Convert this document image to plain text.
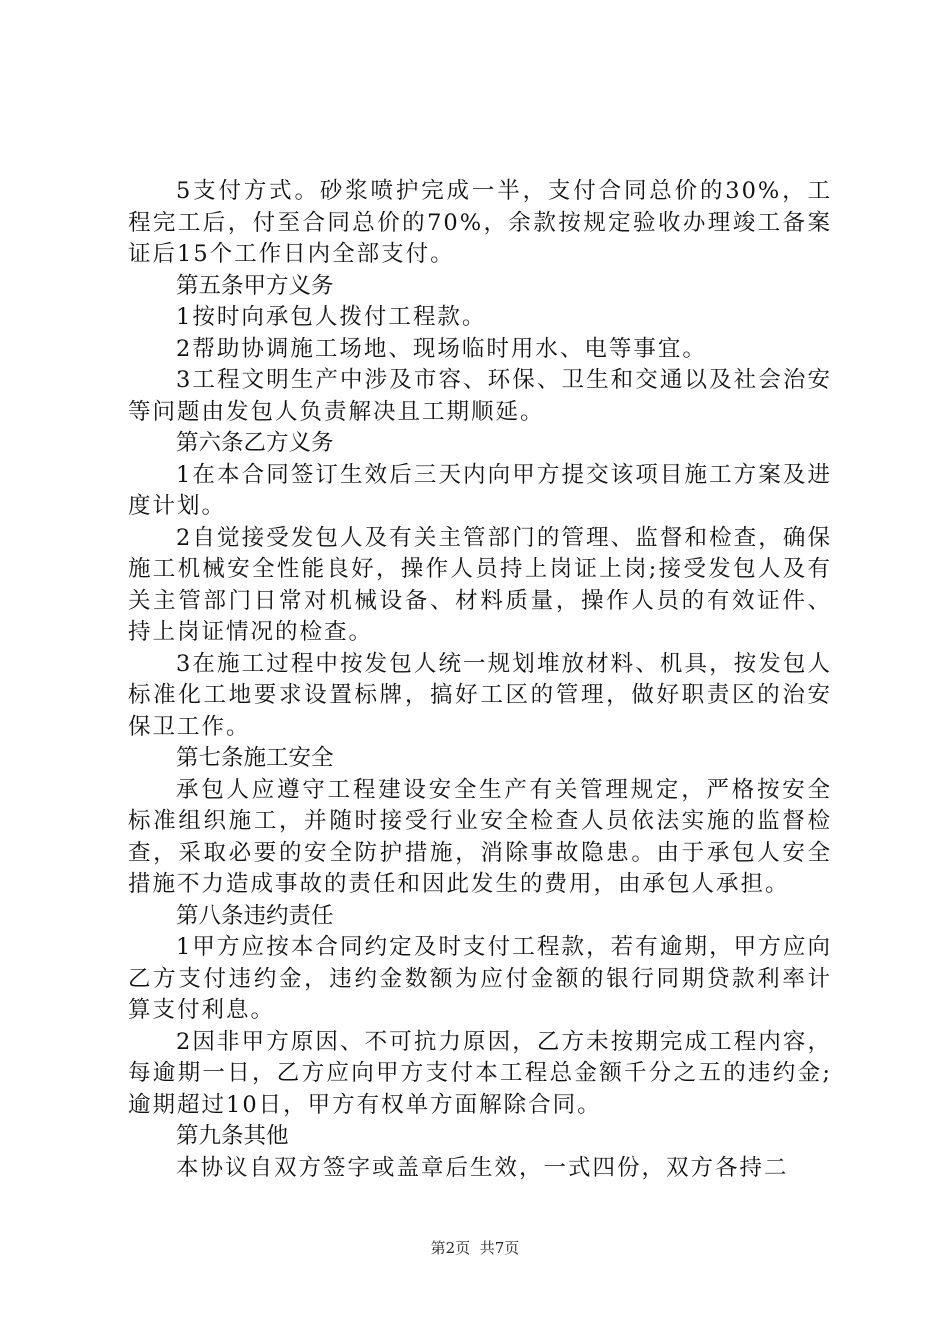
5支付方式。砂浆喷护完成一半，支付合同总价的30%，工程完工后，付至合同总价的70%，余款按规定验收办理竣工备案证后15个工作日内全部支付。

第五条甲方义务

1按时向承包人拨付工程款。

2帮助协调施工场地、现场临时用水、电等事宜。

3工程文明生产中涉及市容、环保、卫生和交通以及社会治安等问题由发包人负责解决且工期顺延。

第六条乙方义务

1在本合同签订生效后三天内向甲方提交该项目施工方案及进度计划。

2自觉接受发包人及有关主管部门的管理、监督和检查，确保施工机械安全性能良好，操作人员持上岗证上岗;接受发包人及有关主管部门日常对机械设备、材料质量，操作人员的有效证件、持上岗证情况的检查。

3在施工过程中按发包人统一规划堆放材料、机具，按发包人标准化工地要求设置标牌，搞好工区的管理，做好职责区的治安保卫工作。

第七条施工安全

承包人应遵守工程建设安全生产有关管理规定，严格按安全标准组织施工，并随时接受行业安全检查人员依法实施的监督检查，采取必要的安全防护措施，消除事故隐患。由于承包人安全措施不力造成事故的责任和因此发生的费用，由承包人承担。

第八条违约责任

1甲方应按本合同约定及时支付工程款，若有逾期，甲方应向乙方支付违约金，违约金数额为应付金额的银行同期贷款利率计算支付利息。

2因非甲方原因、不可抗力原因，乙方未按期完成工程内容，每逾期一日，乙方应向甲方支付本工程总金额千分之五的违约金;逾期超过10日，甲方有权单方面解除合同。

第九条其他

本协议自双方签字或盖章后生效，一式四份，双方各持二

第2页 共7页
